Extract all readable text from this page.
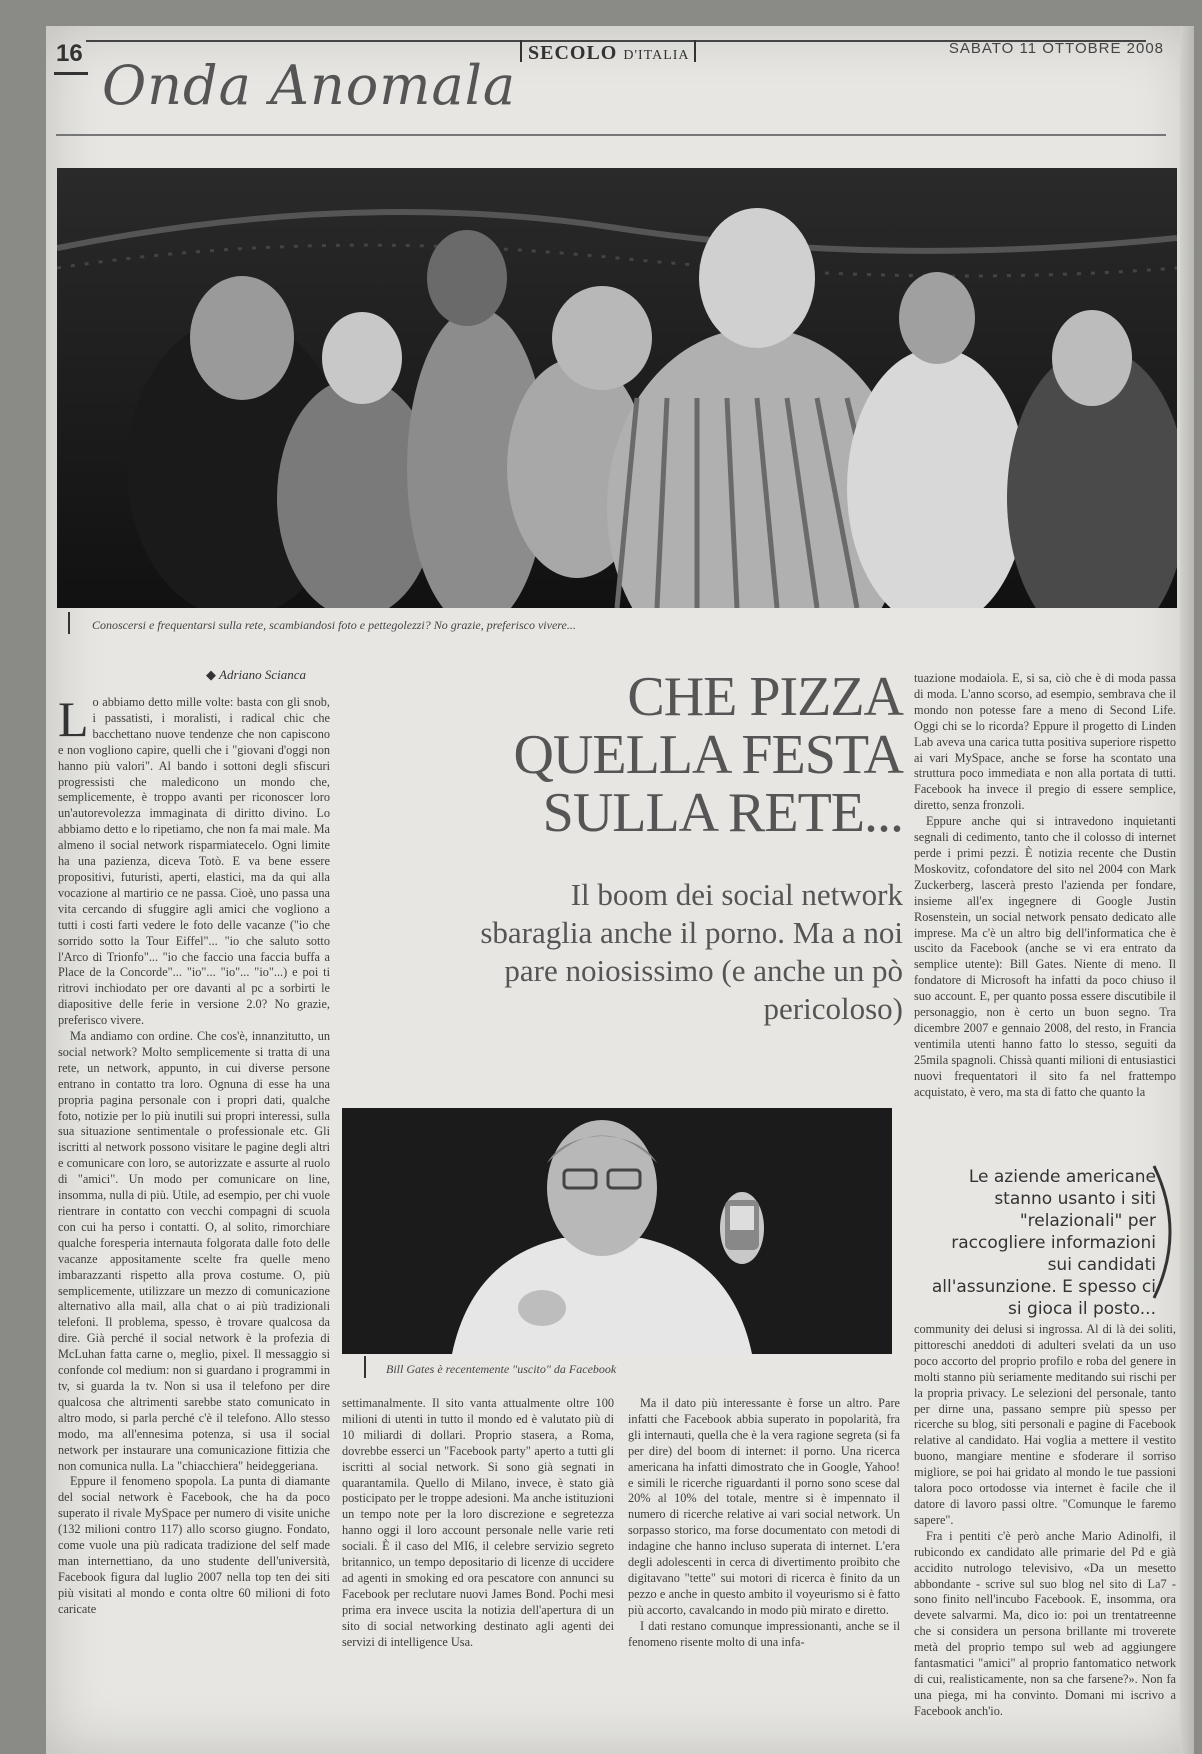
16
Onda Anomala
SECOLO D'ITALIA	SABATO 11 OTTOBRE 2008
Conoscersi e frequentarsi sulla rete, scambiandosi foto e pettegolezzi? No grazie, preferisco vivere...
◆ Adriano Scianca

Lo abbiamo detto mille volte: basta con gli snob, i passatisti, i moralisti, i radical chic che bacchettano nuove tendenze che non capiscono e non vogliono capire, quelli che i "giovani d'oggi non hanno più valori". Al bando i sottoni degli sfiscuri progressisti che maledicono un mondo che, semplicemente, è troppo avanti per riconoscer loro un'autorevolezza immaginata di diritto divino. Lo abbiamo detto e lo ripetiamo, che non fa mai male. Ma almeno il social network risparmiatecelo. Ogni limite ha una pazienza, diceva Totò. E va bene essere propositivi, futuristi, aperti, elastici, ma da qui alla vocazione al martirio ce ne passa. Cioè, uno passa una vita cercando di sfuggire agli amici che vogliono a tutti i costi farti vedere le foto delle vacanze ("io che sorrido sotto la Tour Eiffel"... "io che saluto sotto l'Arco di Trionfo"... "io che faccio una faccia buffa a Place de la Concorde"... "io"... "io"... "io"...) e poi ti ritrovi inchiodato per ore davanti al pc a sorbirti le diapositive delle ferie in versione 2.0? No grazie, preferisco vivere.

Ma andiamo con ordine. Che cos'è, innanzitutto, un social network? Molto semplicemente si tratta di una rete, un network, appunto, in cui diverse persone entrano in contatto tra loro. Ognuna di esse ha una propria pagina personale con i propri dati, qualche foto, notizie per lo più inutili sui propri interessi, sulla sua situazione sentimentale o professionale etc. Gli iscritti al network possono visitare le pagine degli altri e comunicare con loro, se autorizzate e assurte al ruolo di "amici". Un modo per comunicare on line, insomma, nulla di più. Utile, ad esempio, per chi vuole rientrare in contatto con vecchi compagni di scuola con cui ha perso i contatti. O, al solito, rimorchiare qualche foresperia internauta folgorata dalle foto delle vacanze appositamente scelte fra quelle meno imbarazzanti rispetto alla prova costume. O, più semplicemente, utilizzare un mezzo di comunicazione alternativo alla mail, alla chat o ai più tradizionali telefoni. Il problema, spesso, è trovare qualcosa da dire. Già perché il social network è la profezia di McLuhan fatta carne o, meglio, pixel. Il messaggio si confonde col medium: non si guardano i programmi in tv, si guarda la tv. Non si usa il telefono per dire qualcosa che altrimenti sarebbe stato comunicato in altro modo, si parla perché c'è il telefono. Allo stesso modo, ma all'ennesima potenza, si usa il social network per instaurare una comunicazione fittizia che non comunica nulla. La "chiacchiera" heideggeriana.

Eppure il fenomeno spopola. La punta di diamante del social network è Facebook, che ha da poco superato il rivale MySpace per numero di visite uniche (132 milioni contro 117) allo scorso giugno. Fondato, come vuole una più radicata tradizione del self made man internettiano, da uno studente dell'università, Facebook figura dal luglio 2007 nella top ten dei siti più visitati al mondo e conta oltre 60 milioni di foto caricate

CHE PIZZA QUELLA FESTA SULLA RETE...
Il boom dei social network sbaraglia anche il porno. Ma a noi pare noiosissimo (e anche un pò pericoloso)
Bill Gates è recentemente "uscito" da Facebook

settimanalmente. Il sito vanta attualmente oltre 100 milioni di utenti in tutto il mondo ed è valutato più di 10 miliardi di dollari. Proprio stasera, a Roma, dovrebbe esserci un "Facebook party" aperto a tutti gli iscritti al social network. Si sono già segnati in quarantamila. Quello di Milano, invece, è stato già posticipato per le troppe adesioni. Ma anche istituzioni un tempo note per la loro discrezione e segretezza hanno oggi il loro account personale nelle varie reti sociali. È il caso del MI6, il celebre servizio segreto britannico, un tempo depositario di licenze di uccidere ad agenti in smoking ed ora pescatore con annunci su Facebook per reclutare nuovi James Bond. Pochi mesi prima era invece uscita la notizia dell'apertura di un sito di social networking destinato agli agenti dei servizi di intelligence Usa.

Ma il dato più interessante è forse un altro. Pare infatti che Facebook abbia superato in popolarità, fra gli internauti, quella che è la vera ragione segreta (si fa per dire) del boom di internet: il porno. Una ricerca americana ha infatti dimostrato che in Google, Yahoo! e simili le ricerche riguardanti il porno sono scese dal 20% al 10% del totale, mentre si è impennato il numero di ricerche relative ai vari social network. Un sorpasso storico, ma forse documentato con metodi di indagine che hanno incluso superata di internet. L'era degli adolescenti in cerca di divertimento proibito che digitavano "tette" sui motori di ricerca è finito da un pezzo e anche in questo ambito il voyeurismo si è fatto più accorto, cavalcando in modo più mirato e diretto.

I dati restano comunque impressionanti, anche se il fenomeno risente molto di una infa-

tuazione modaiola. E, si sa, ciò che è di moda passa di moda. L'anno scorso, ad esempio, sembrava che il mondo non potesse fare a meno di Second Life. Oggi chi se lo ricorda? Eppure il progetto di Linden Lab aveva una carica tutta positiva superiore rispetto ai vari MySpace, anche se forse ha scontato una struttura poco immediata e non alla portata di tutti. Facebook ha invece il pregio di essere semplice, diretto, senza fronzoli.

Eppure anche qui si intravedono inquietanti segnali di cedimento, tanto che il colosso di internet perde i primi pezzi. È notizia recente che Dustin Moskovitz, cofondatore del sito nel 2004 con Mark Zuckerberg, lascerà presto l'azienda per fondare, insieme all'ex ingegnere di Google Justin Rosenstein, un social network pensato dedicato alle imprese. Ma c'è un altro big dell'informatica che è uscito da Facebook (anche se vi era entrato da semplice utente): Bill Gates. Niente di meno. Il fondatore di Microsoft ha infatti da poco chiuso il suo account. E, per quanto possa essere discutibile il personaggio, non è certo un buon segno. Tra dicembre 2007 e gennaio 2008, del resto, in Francia ventimila utenti hanno fatto lo stesso, seguiti da 25mila spagnoli. Chissà quanti milioni di entusiastici nuovi frequentatori il sito fa nel frattempo acquistato, è vero, ma sta di fatto che quanto la

Le aziende americane stanno usanto i siti "relazionali" per raccogliere informazioni sui candidati all'assunzione. E spesso ci si gioca il posto...

community dei delusi si ingrossa. Al di là dei soliti, pittoreschi aneddoti di adulteri svelati da un uso poco accorto del proprio profilo e roba del genere in molti stanno più seriamente meditando sui rischi per la propria privacy. Le selezioni del personale, tanto per dirne una, passano sempre più spesso per ricerche su blog, siti personali e pagine di Facebook relative al candidato. Hai voglia a mettere il vestito buono, mangiare mentine e sfoderare il sorriso migliore, se poi hai gridato al mondo le tue passioni talora poco ortodosse via internet è facile che il datore di lavoro passi oltre. "Comunque le faremo sapere".

Fra i pentiti c'è però anche Mario Adinolfi, il rubicondo ex candidato alle primarie del Pd e già accidito nutrologo televisivo, «Da un mesetto abbondante - scrive sul suo blog nel sito di La7 - sono finito nell'incubo Facebook. E, insomma, ora devete salvarmi. Ma, dico io: poi un trentatreenne che si considera un persona brillante mi troverete metà del proprio tempo sul web ad aggiungere fantasmatici "amici" al proprio fantomatico network di cui, realisticamente, non sa che farsene?». Non fa una piega, mi ha convinto. Domani mi iscrivo a Facebook anch'io.
